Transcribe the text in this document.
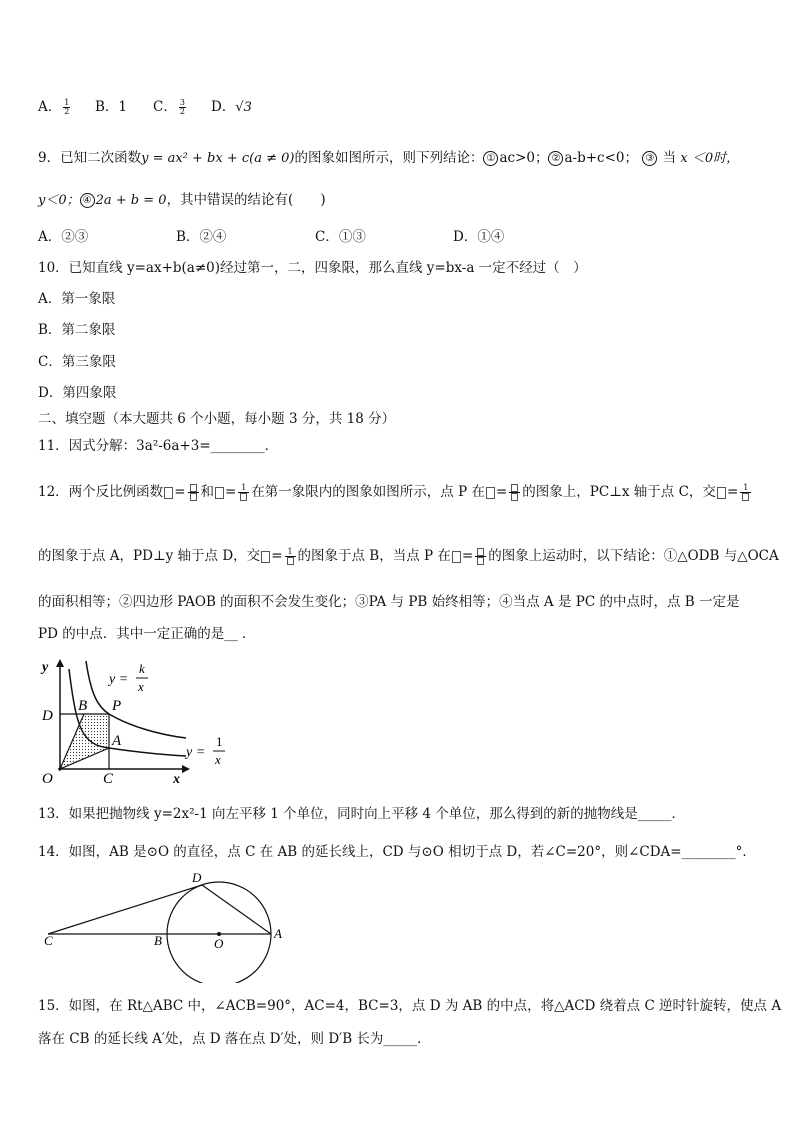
A． $\frac{1}{2}$ B．1 C． $\frac{3}{2}$ D．√3
9．已知二次函数y = ax² + bx + c(a ≠ 0)的图象如图所示，则下列结论： ① ac>0； ② a-b+c<0； ③ 当 x ＜0时，
y＜0； ④ 2a + b = 0，其中错误的结论有(　　)
A．②③	B．②④	C．①③	D．①④
10．已知直线 y=ax+b(a≠0)经过第一，二，四象限，那么直线 y=bx-a 一定不经过（　）
A．第一象限
B．第二象限
C．第三象限
D．第四象限
二、填空题（本大题共 6 个小题，每小题 3 分，共 18 分）
11．因式分解：3a²-6a+3=________．
12．两个反比例函数 = 和 = 1 在第一象限内的图象如图所示，点 P 在 = 的图象上，PC⊥x 轴于点 C，交 = 1
的图象于点 A，PD⊥y 轴于点 D，交 = 1 的图象于点 B，当点 P 在 = 的图象上运动时，以下结论：①△ODB 与△OCA
的面积相等；②四边形 PAOB 的面积不会发生变化；③PA 与 PB 始终相等；④当点 A 是 PC 的中点时，点 B 一定是
PD 的中点．其中一定正确的是__ ．
y
x
O
B P
A
D
C
y =
k
x
y =
1
x
13．如果把抛物线 y=2x²-1 向左平移 1 个单位，同时向上平移 4 个单位，那么得到的新的抛物线是_____．
14．如图，AB 是⊙O 的直径，点 C 在 AB 的延长线上，CD 与⊙O 相切于点 D，若∠C=20°，则∠CDA=________°．
C	B	O
A
D
15．如图，在 Rt△ABC 中，∠ACB=90°，AC=4，BC=3，点 D 为 AB 的中点，将△ACD 绕着点 C 逆时针旋转，使点 A
落在 CB 的延长线 A′处，点 D 落在点 D′处，则 D′B 长为_____．
